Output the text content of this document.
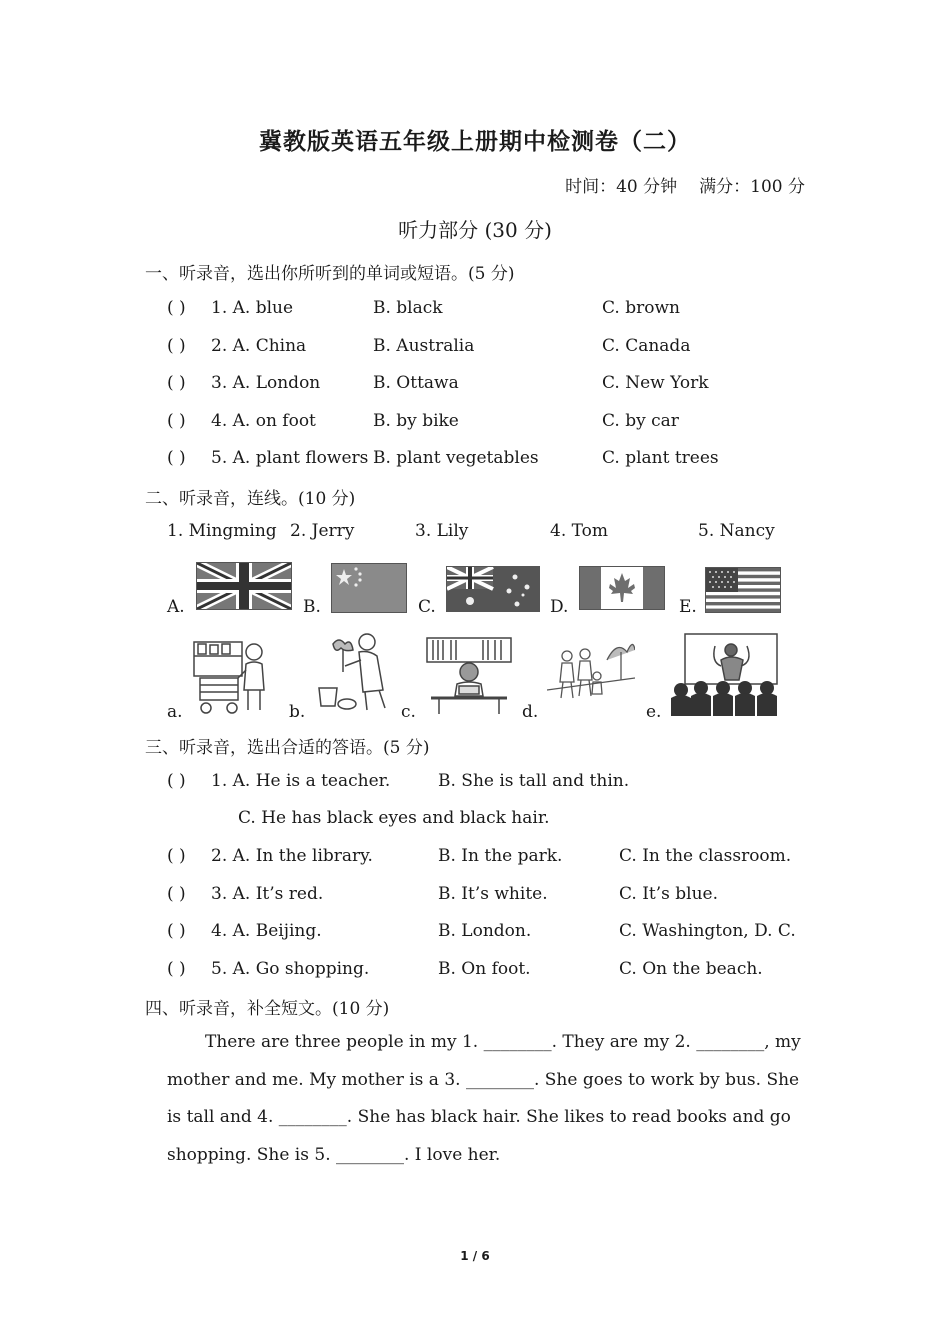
冀教版英语五年级上册期中检测卷（二）
时间：40 分钟 满分：100 分
听力部分 (30 分)
一、听录音，选出你所听到的单词或短语。(5 分)
( ) 1. A. blue	B. black	C. brown
( ) 2. A. China	B. Australia	C. Canada
( ) 3. A. London	B. Ottawa	C. New York
( ) 4. A. on foot	B. by bike	C. by car
( ) 5. A. plant flowers B. plant vegetables	C. plant trees
二、听录音，连线。(10 分)
1. Mingming 2. Jerry	3. Lily	4. Tom	5. Nancy
A.	B.	C.	D.	E.
a.	b.	c.	d.	e.
三、听录音，选出合适的答语。(5 分)
( ) 1. A. He is a teacher.	B. She is tall and thin.
C. He has black eyes and black hair.
( ) 2. A. In the library.	B. In the park.	C. In the classroom.
( ) 3. A. It’s red.	B. It’s white.	C. It’s blue.
( ) 4. A. Beijing.	B. London.	C. Washington, D. C.
( ) 5. A. Go shopping.	B. On foot.	C. On the beach.
四、听录音，补全短文。(10 分)
There are three people in my 1. ________. They are my 2. ________, my mother and me. My mother is a 3. ________. She goes to work by bus. She is tall and 4. ________. She has black hair. She likes to read books and go shopping. She is 5. ________. I love her.
1 / 6
